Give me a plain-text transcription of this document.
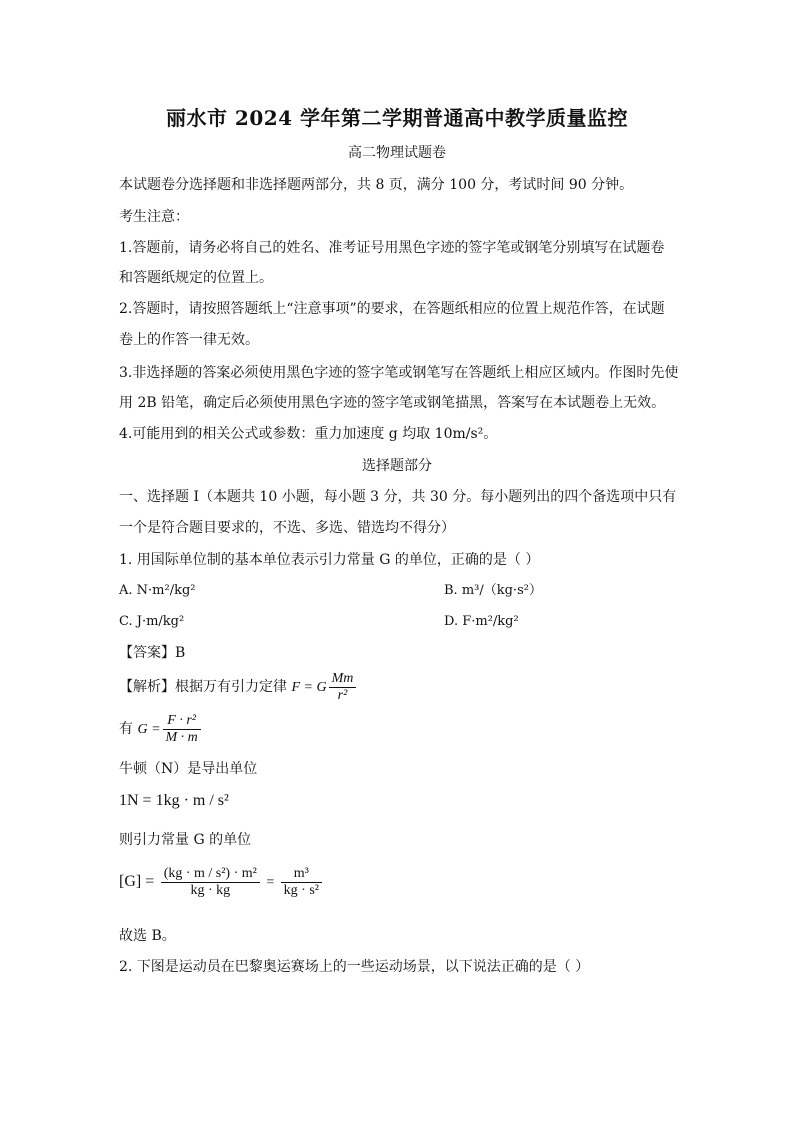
丽水市 2024 学年第二学期普通高中教学质量监控
高二物理试题卷
本试题卷分选择题和非选择题两部分，共 8 页，满分 100 分，考试时间 90 分钟。
考生注意：
1.答题前，请务必将自己的姓名、准考证号用黑色字迹的签字笔或钢笔分别填写在试题卷
和答题纸规定的位置上。
2.答题时，请按照答题纸上“注意事项”的要求，在答题纸相应的位置上规范作答，在试题
卷上的作答一律无效。
3.非选择题的答案必须使用黑色字迹的签字笔或钢笔写在答题纸上相应区域内。作图时先使
用 2B 铅笔，确定后必须使用黑色字迹的签字笔或钢笔描黑，答案写在本试题卷上无效。
4.可能用到的相关公式或参数：重力加速度 g 均取 10m/s²。
选择题部分
一、选择题 I（本题共 10 小题，每小题 3 分，共 30 分。每小题列出的四个备选项中只有
一个是符合题目要求的，不选、多选、错选均不得分）
1. 用国际单位制的基本单位表示引力常量 G 的单位，正确的是（ ）
A. N·m²/kg²	B. m³/（kg·s²）
C. J·m/kg²	D. F·m²/kg²
【答案】B
【解析】根据万有引力定律 F = G $\frac{Mm}{\text{r²}}$
有 $G = \frac{\text{F · r²}}{M \cdot m}$
牛顿（N）是导出单位
1N = 1kg · m / s²
则引力常量 G 的单位
$[G] = \frac{\text{(kg · m / s²) · m²}}{kg \cdot kg} = \frac{\text{m³}}{\text{kg · s²}}$
故选 B。
2. 下图是运动员在巴黎奥运赛场上的一些运动场景，以下说法正确的是（ ）
